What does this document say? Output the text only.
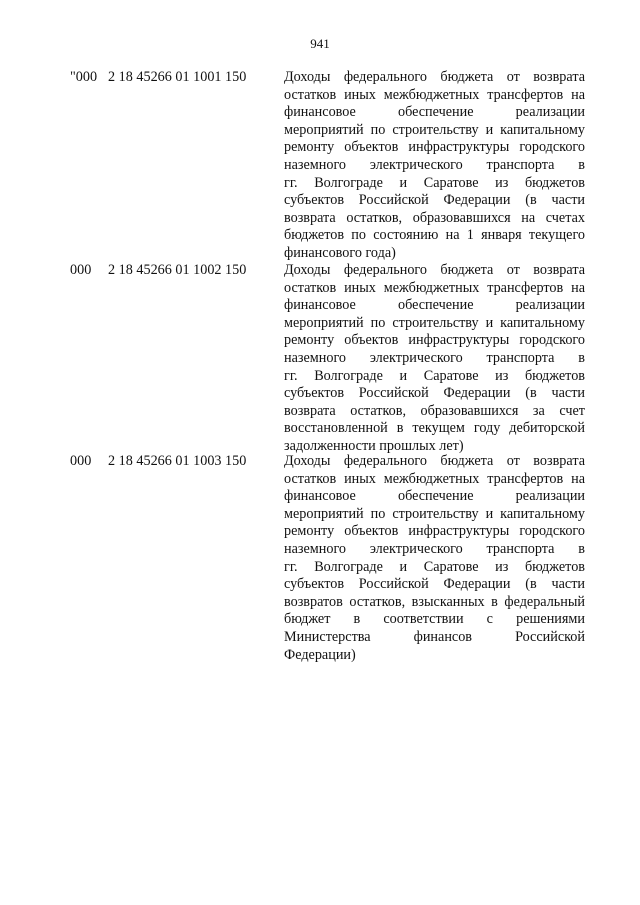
941
"000 2 18 45266 01 1001 150	Доходы федерального бюджета от возврата
остатков иных межбюджетных трансфертов на
финансовое обеспечение реализации
мероприятий по строительству и капитальному
ремонту объектов инфраструктуры городского
наземного электрического транспорта в
гг. Волгограде и Саратове из бюджетов
субъектов Российской Федерации (в части
возврата остатков, образовавшихся на счетах
бюджетов по состоянию на 1 января текущего
финансового года)
000 2 18 45266 01 1002 150	Доходы федерального бюджета от возврата
остатков иных межбюджетных трансфертов на
финансовое обеспечение реализации
мероприятий по строительству и капитальному
ремонту объектов инфраструктуры городского
наземного электрического транспорта в
гг. Волгограде и Саратове из бюджетов
субъектов Российской Федерации (в части
возврата остатков, образовавшихся за счет
восстановленной в текущем году дебиторской
задолженности прошлых лет)
000 2 18 45266 01 1003 150	Доходы федерального бюджета от возврата
остатков иных межбюджетных трансфертов на
финансовое обеспечение реализации
мероприятий по строительству и капитальному
ремонту объектов инфраструктуры городского
наземного электрического транспорта в
гг. Волгограде и Саратове из бюджетов
субъектов Российской Федерации (в части
возвратов остатков, взысканных в федеральный
бюджет в соответствии с решениями
Министерства финансов Российской
Федерации)
